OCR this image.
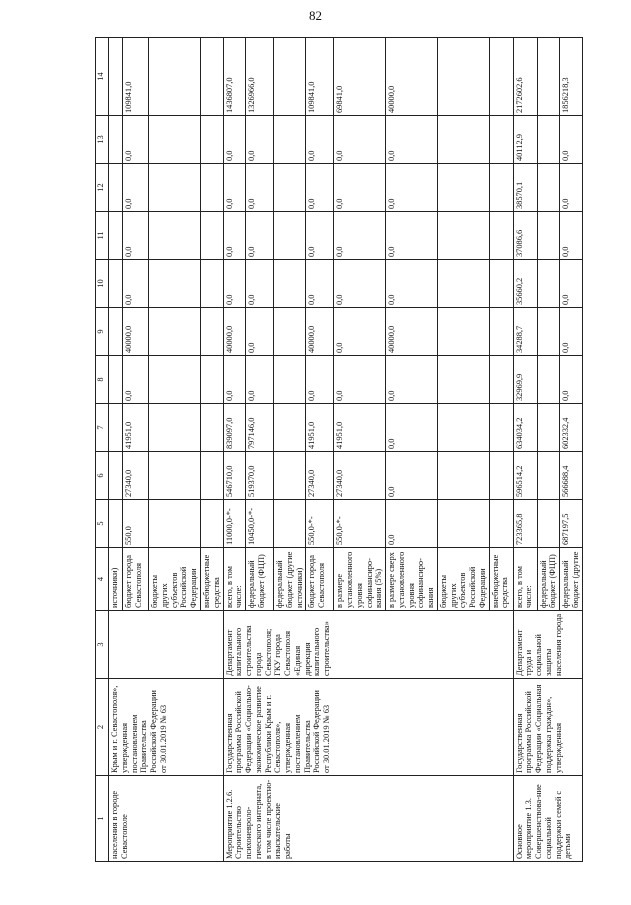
82
1	2	3	4	5	6	7	8	9	10	11	12	13	14
населения в городе Севастополе	Крым и г. Севастополя», утвержденная постановлением Правительства Российской Федерации от 30.01.2019 № 63		источники)										
			бюджет города Севастополя	550,0	27340,0	41951,0	0,0	40000,0	0,0	0,0	0,0	0,0	109841,0
			бюджеты других субъектов Российской Федерации										
			внебюджетные средства										
Мероприятие 1.2.6. Строительство психоневроло-гического интерната, в том числе проектно-изыскательские работы	Государственная программа Российской Федерации «Социально-экономическое развитие Республики Крым и г. Севастополя», утвержденная постановлением Правительства Российской Федерации от 30.01.2019 № 63	Департамент капитального строительства города Севастополя; ГКУ города Севастополя «Единая дирекция капитального строительства»	всего, в том числе:	11000,0-*-	546710,0	839097,0	0,0	40000,0	0,0	0,0	0,0	0,0	1436807,0
			федеральный бюджет (ФЦП)	10450,0-*-	519370,0	797146,0	0,0	0,0	0,0	0,0	0,0	0,0	1326966,0
			федеральный бюджет (другие источники)										
			бюджет города Севастополя	550,0-*-	27340,0	41951,0	0,0	40000,0	0,0	0,0	0,0	0,0	109841,0
			в размере установленного уровня софинансиро-вания (5%)	550,0-*-	27340,0	41951,0	0,0	0,0	0,0	0,0	0,0	0,0	69841,0
			в размере сверх установленного уровня софинансиро-вания	0,0	0,0	0,0	0,0	40000,0	0,0	0,0	0,0	0,0	40000,0
			бюджеты других субъектов Российской Федерации										
			внебюджетные средства										
Основное мероприятие 1.3. Совершенствова-ние социальной поддержки семей с детьми	Государственная программа Российской Федерации «Социальная поддержка граждан», утвержденная	Департамент труда и социальной защиты населения города	всего, в том числе:	723365,8	596514,2	634034,2	32969,9	34288,7	35660,2	37086,6	38570,1	40112,9	2172602,6
			федеральный бюджет (ФЦП)										
			федеральный бюджет (другие	687197,5	566688,4	602332,4	0,0	0,0	0,0	0,0	0,0	0,0	1856218,3
